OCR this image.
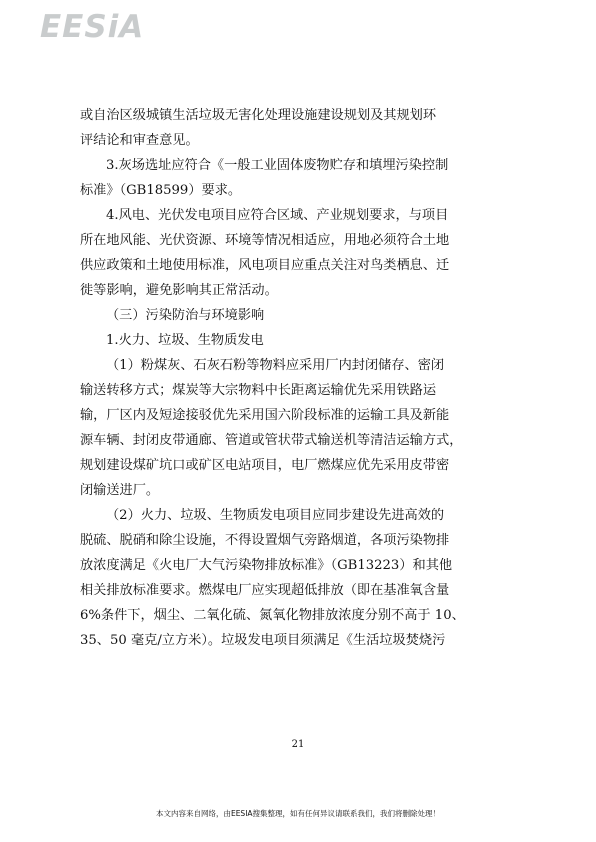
EESiA
或自治区级城镇生活垃圾无害化处理设施建设规划及其规划环
评结论和审查意见。
3.灰场选址应符合《一般工业固体废物贮存和填埋污染控制
标准》（GB18599）要求。
4.风电、光伏发电项目应符合区域、产业规划要求，与项目
所在地风能、光伏资源、环境等情况相适应，用地必须符合土地
供应政策和土地使用标准，风电项目应重点关注对鸟类栖息、迁
徙等影响，避免影响其正常活动。
（三）污染防治与环境影响
1.火力、垃圾、生物质发电
（1）粉煤灰、石灰石粉等物料应采用厂内封闭储存、密闭
输送转移方式；煤炭等大宗物料中长距离运输优先采用铁路运
输，厂区内及短途接驳优先采用国六阶段标准的运输工具及新能
源车辆、封闭皮带通廊、管道或管状带式输送机等清洁运输方式，
规划建设煤矿坑口或矿区电站项目，电厂燃煤应优先采用皮带密
闭输送进厂。
（2）火力、垃圾、生物质发电项目应同步建设先进高效的
脱硫、脱硝和除尘设施，不得设置烟气旁路烟道，各项污染物排
放浓度满足《火电厂大气污染物排放标准》（GB13223）和其他
相关排放标准要求。燃煤电厂应实现超低排放（即在基准氧含量
6%条件下，烟尘、二氧化硫、氮氧化物排放浓度分别不高于 10、
35、50 毫克/立方米）。垃圾发电项目须满足《生活垃圾焚烧污
21
本文内容来自网络，由EESIA搜集整理，如有任何异议请联系我们，我们将删除处理！
